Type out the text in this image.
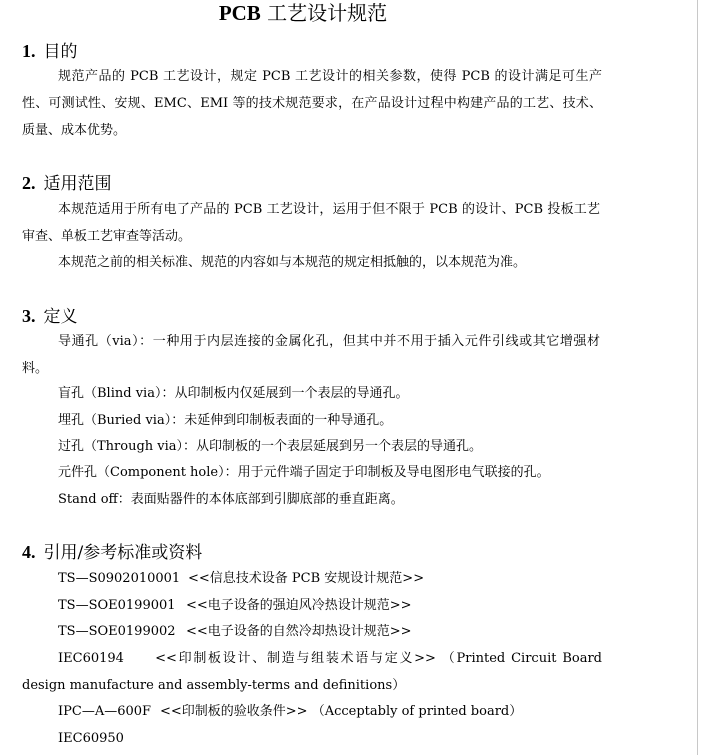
PCB 工艺设计规范
1. 目的

规范产品的 PCB 工艺设计，规定 PCB 工艺设计的相关参数，使得 PCB 的设计满足可生产性、可测试性、安规、EMC、EMI 等的技术规范要求，在产品设计过程中构建产品的工艺、技术、质量、成本优势。

2. 适用范围

本规范适用于所有电了产品的 PCB 工艺设计，运用于但不限于 PCB 的设计、PCB 投板工艺审查、单板工艺审查等活动。

本规范之前的相关标准、规范的内容如与本规范的规定相抵触的，以本规范为准。

3. 定义

导通孔（via）：一种用于内层连接的金属化孔，但其中并不用于插入元件引线或其它增强材料。

盲孔（Blind via）：从印制板内仅延展到一个表层的导通孔。
埋孔（Buried via）：未延伸到印制板表面的一种导通孔。
过孔（Through via）：从印制板的一个表层延展到另一个表层的导通孔。
元件孔（Component hole）：用于元件端子固定于印制板及导电图形电气联接的孔。
Stand off：表面贴器件的本体底部到引脚底部的垂直距离。
4. 引用/参考标准或资料
TS—S0902010001 <<信息技术设备 PCB 安规设计规范>>
TS—SOE0199001 <<电子设备的强迫风冷热设计规范>>
TS—SOE0199002 <<电子设备的自然冷却热设计规范>>

IEC60194　　<<印制板设计、制造与组装术语与定义>> （Printed Circuit Board design manufacture and assembly-terms and definitions）

IPC—A—600F <<印制板的验收条件>> （Acceptably of printed board）
IEC60950
